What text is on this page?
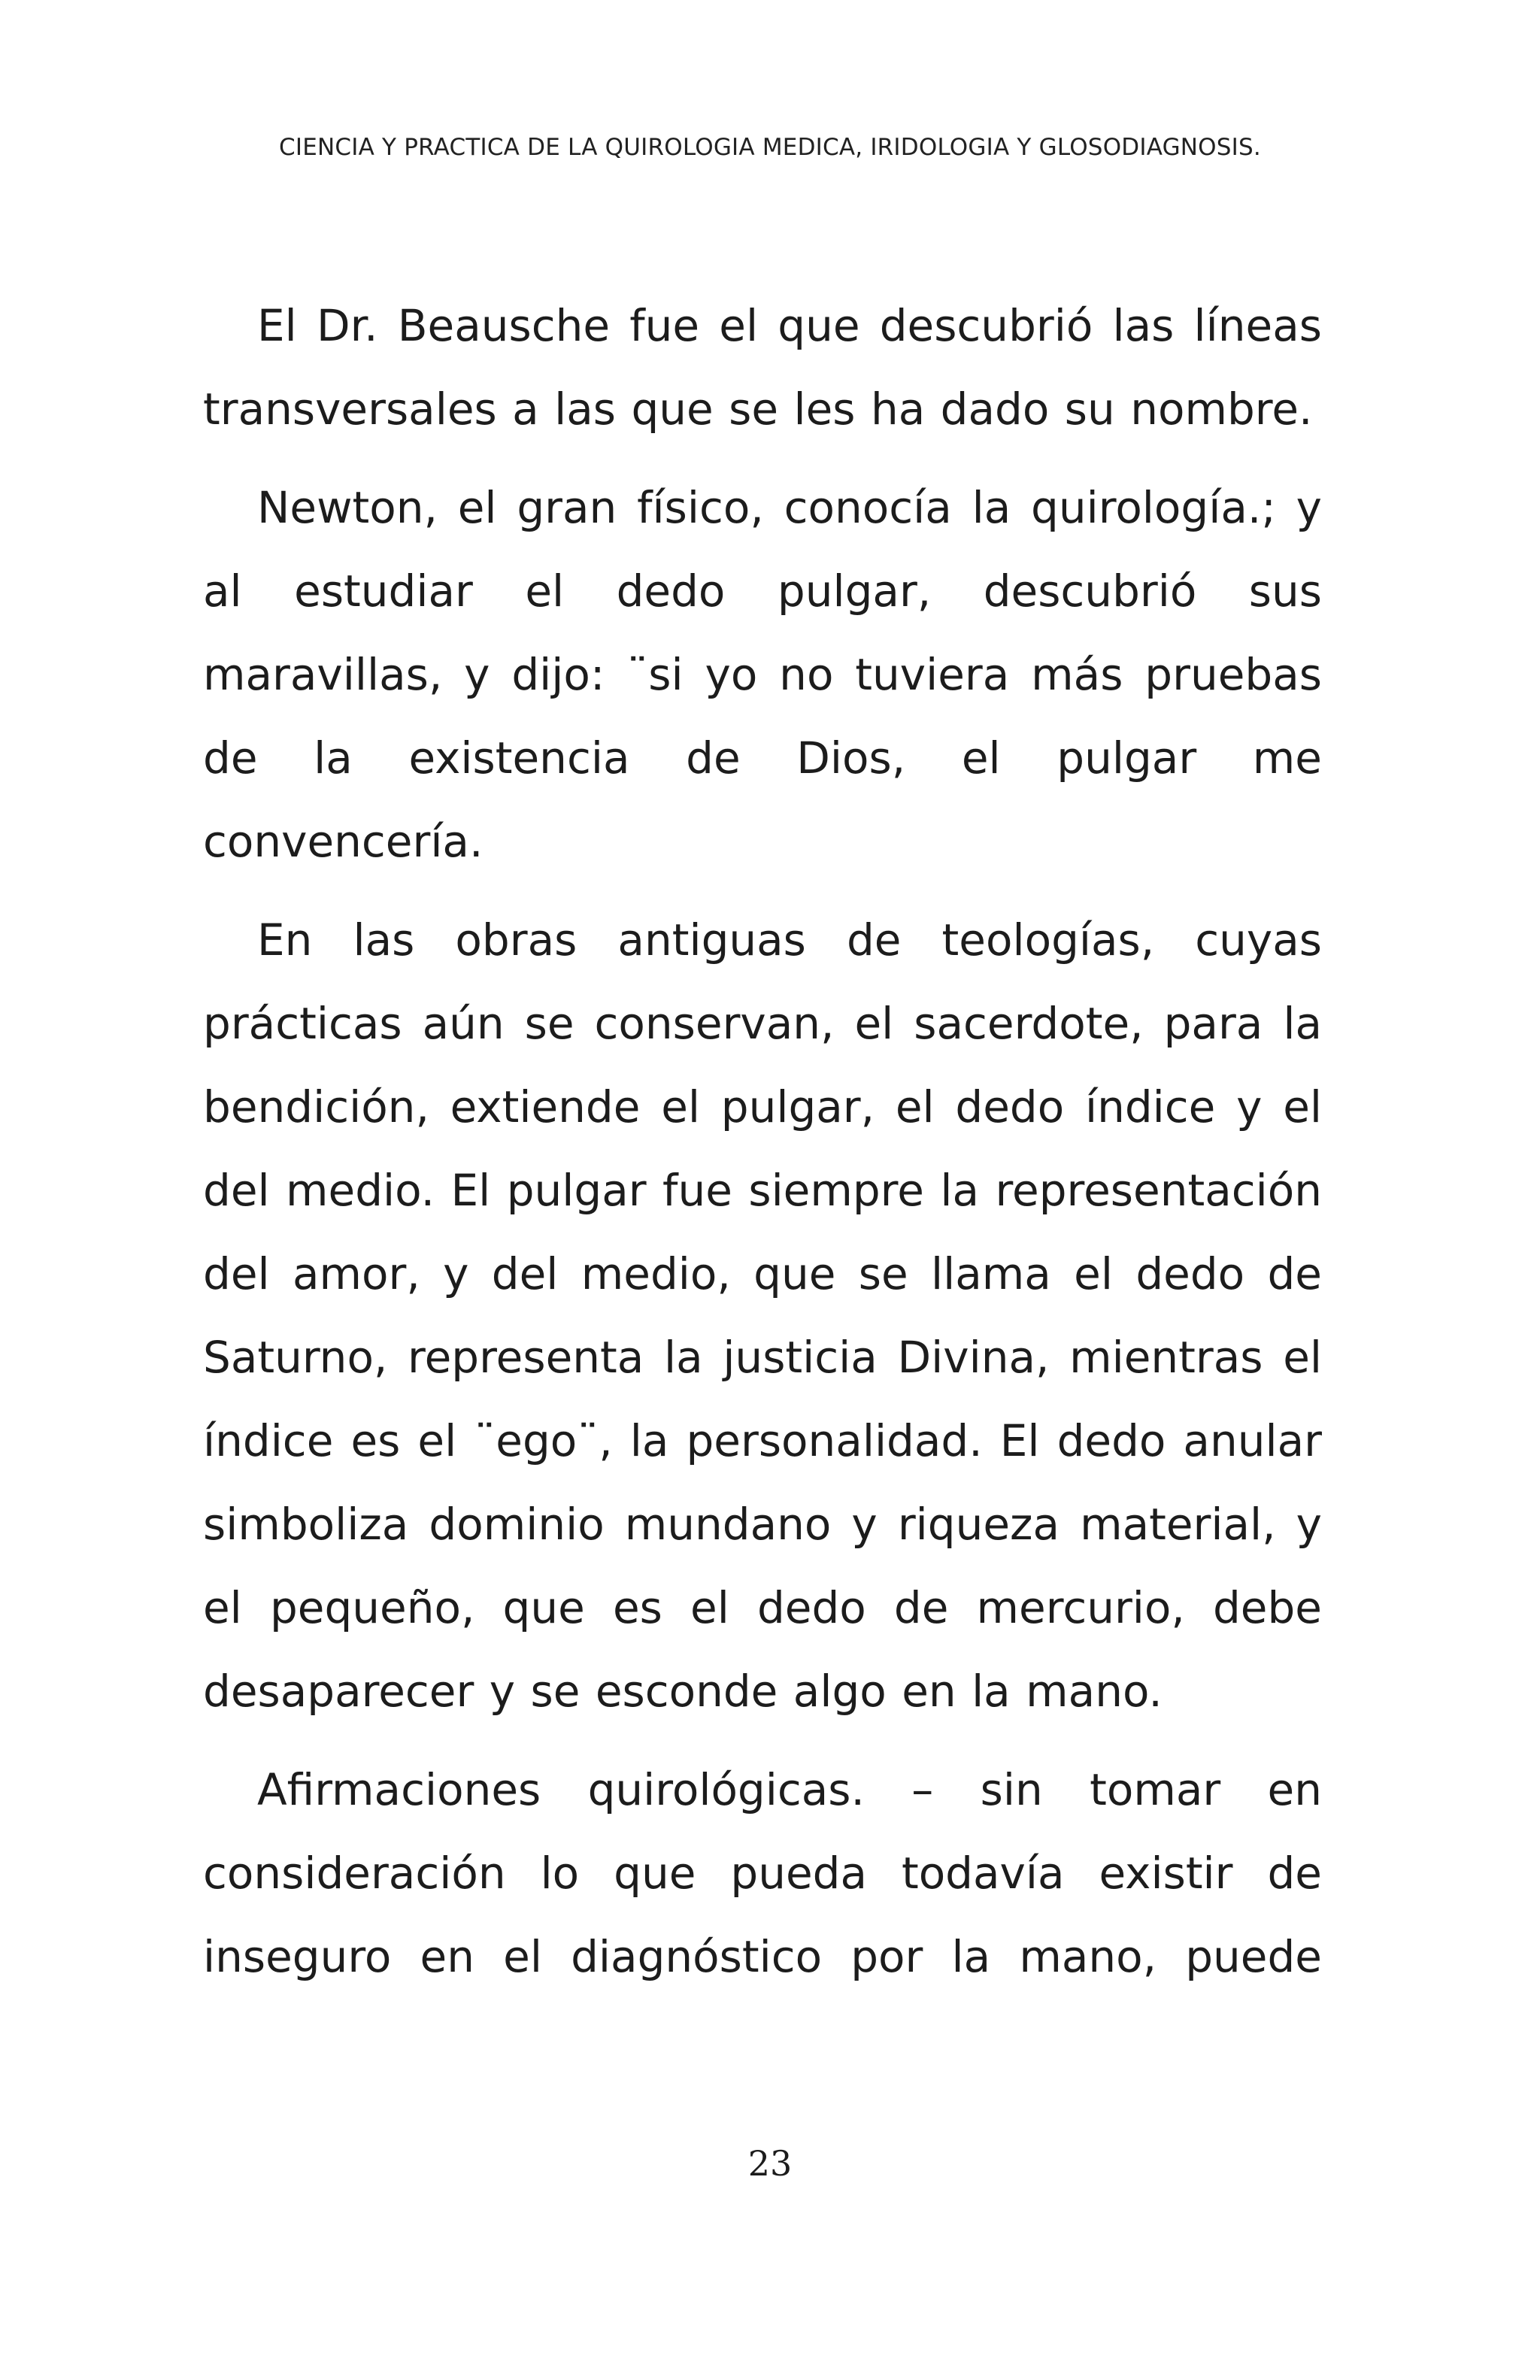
CIENCIA Y PRACTICA DE LA QUIROLOGIA MEDICA, IRIDOLOGIA Y GLOSODIAGNOSIS.

El Dr. Beausche fue el que descubrió las líneas transversales a las que se les ha dado su nombre.

Newton, el gran físico, conocía la quirología.; y al estudiar el dedo pulgar, descubrió sus maravillas, y dijo: ¨si yo no tuviera más pruebas de la existencia de Dios, el pulgar me convencería.

En las obras antiguas de teologías, cuyas prácticas aún se conservan, el sacerdote, para la bendición, extiende el pulgar, el dedo índice y el del medio. El pulgar fue siempre la representación del amor, y del medio, que se llama el dedo de Saturno, representa la justicia Divina, mientras el índice es el ¨ego¨, la personalidad. El dedo anular simboliza dominio mundano y riqueza material, y el pequeño, que es el dedo de mercurio, debe desaparecer y se esconde algo en la mano.

Afirmaciones quirológicas. – sin tomar en consideración lo que pueda todavía existir de inseguro en el diagnóstico por la mano, puede

23
